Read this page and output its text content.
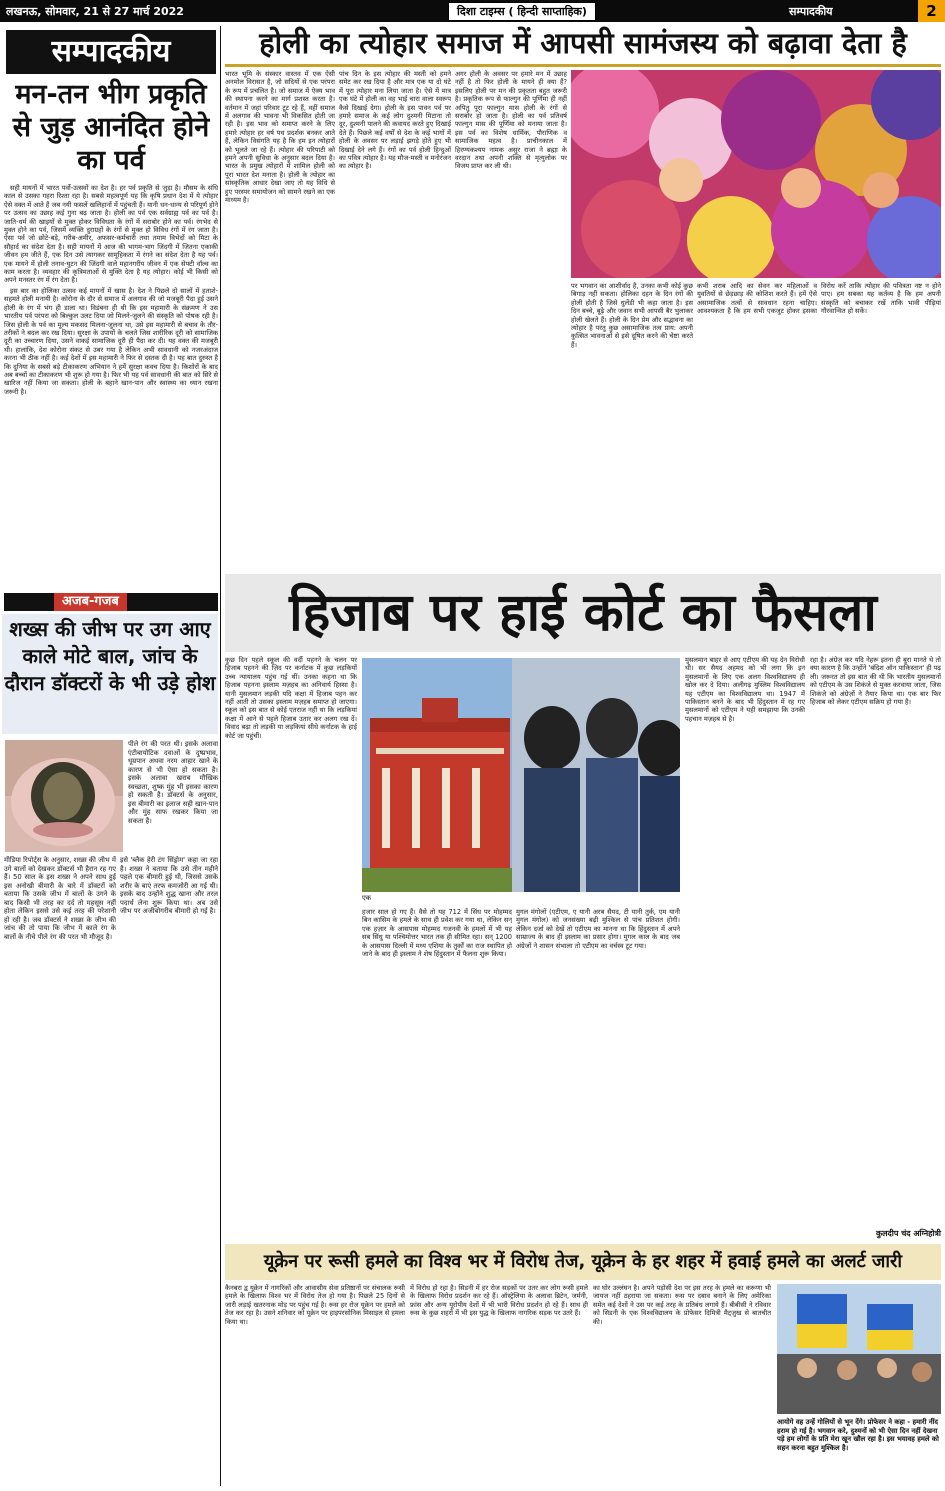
लखनऊ, सोमवार, 21 से 27 मार्च 2022	दिशा टाइम्स ( हिन्दी साप्ताहिक)	सम्पादकीय	2
सम्पादकीय
मन-तन भीग प्रकृति से जुड़ आनंदित होने का पर्व

सही मायनों में भारत पर्वो-उत्सवों का देश है। हर पर्व प्रकृति से जुड़ा है। मौसम के संधि काल से उसका गहरा रिश्ता रहा है। सबसे महत्वपूर्ण यह कि कृषि प्रधान देश में ये त्योहार ऐसे वक्त में आते हैं जब नयी फसलें खलिहानों में पहुंचती हैं। यानी धन-धान्य से परिपूर्ण होने पर उत्सव का उछाह कई गुना बढ़ जाता है। होली का पर्व एक सर्वग्राह्य पर्व का पर्व है। जाति-धर्म की खाइयों से मुक्त होकर विविधता के रंगों में सराबोर होने का पर्व। रंगभेद से मुक्त होने का पर्व, जिसमें व्यक्ति दुराग्रहों के रंगों से मुक्त हो विविध रंगों में रंग जाता है। ऐसा पर्व जो छोटे-बड़े, गरीब-अमीर, अफसर-कर्मचारी तथा तमाम विभेदों को मिटा के सौहार्द का संदेश देता है। सही मायनों में आज की भागम-भाग जिंदगी में जितना एकाकी जीवन हम जीते हैं, एक दिन उसे त्यागकर सामूहिकता में रंगने का संदेश देता है यह पर्व। एक मायने में होली तनाव-घुटन की जिंदगी वाले महानगरीय जीवन में एक सेफ्टी वॉल्व का काम करता है। व्यवहार की कृत्रिमताओं से मुक्ति देता है यह त्योहार। कोई भी किसी को अपने मनस्तर रंग में रंग देता है।

इस बार का होलिका उत्सव कई मायनों में खास है। देश ने पिछले दो सालों में हताशे-सहमते होली मनायी है। कोरोना के दौर से समाज में अलगाव की जो मजबूरी पैदा हुई उसने होली के रंग में भंग ही डाला था। विडंबना ही थी कि इस महामारी के संक्रमण ने उस भारतीय पर्व परंपरा को बिल्कुल उलट दिया जो मिलने-जुलने की संस्कृति को पोषक रही है। जिस होली के पर्व का मूल्य मकसद मिलना-जुलना था, उसे इस महामारी से बचाव के तौर-तरीकों ने बदल कर रख दिया। सुरक्षा के उपायों के चलते जिस शारीरिक दूरी को सामाजिक दूरी का उच्चारण दिया, उसने वाकई सामाजिक दूरी ही पैदा कर दी। यह वक्त की मजबूरी थी। हालांकि, देश कोरोना संकट से उबर गया है लेकिन अभी सावधानी को नजरअंदाज करना भी ठीक नहीं है। कई देशों में इस महामारी ने फिर से दस्तक दी है। यह बात दुरुस्त है कि दुनिया के सबसे बड़े टीकाकरण अभियान ने हमें सुरक्षा कवच दिया है। किशोरों के बाद अब बच्चों का टीकाकरण भी शुरू हो गया है। फिर भी यह पर्व सावधानी की बात को सिरे से खारिज नहीं किया जा सकता। होली के बहाने खान-पान और स्वास्थ्य का ध्यान रखना जरूरी है।

अजब-गजब
शख्स की जीभ पर उग आए काले मोटे बाल, जांच के दौरान डॉक्टरों के भी उड़े होश
पीले रंग की परत थी। इसके अलावा एंटीबायोटिक दवाओं के दुष्प्रभाव, धूम्रपान अथवा नरम आहार खाने के कारण से भी ऐसा हो सकता है। इसके अलावा खराब मौखिक स्वच्छता, शुष्क मुंह भी इसका कारण हो सकती है। डॉक्टर्स के अनुसार, इस बीमारी का इलाज सही खान-पान और मुंह साफ रखकर किया जा सकता है।
मीडिया रिपोर्ट्स के अनुसार, शख्स की जीभ में उगे बालों को देखकर डॉक्टर्स भी हैरान रह गए हैं। 50 साल के इस शख्स ने अपने साथ हुई इस अनोखी बीमारी के बारे में डॉक्टरों को बताया कि उसके जीभ में बालों के उगने के बाद किसी भी तरह का दर्द तो महसूस नहीं होता लेकिन इससे उसे कई तरह की परेशानी हो रही है। जब डॉक्टर्स ने शख्स के जीभ की जांच की तो पाया कि जीभ में काले रंग के बालों के नीचे पीले रंग की परत भी मौजूद है।
इसे 'ब्लैक हेरी टंग सिंड्रोम' कहा जा रहा है। शख्स ने बताया कि उसे तीन महीने पहले एक बीमारी हुई थी, जिससे उसके शरीर के बाएं तरफ कमजोरी आ गई थी। इसके बाद उन्होंने शुद्ध खाना और तरल पदार्थ लेना शुरू किया था। अब उसे जीभ पर अजीबोगरीब बीमारी हो गई है।
होली का त्योहार समाज में आपसी सामंजस्य को बढ़ावा देता है
भारत भूमि के संस्कार वास्तव में एक ऐसी अनमोल विरासत है, जो सदियों से एक परंपरा के रूप में प्रचलित है। जो समाज में ऐक्य भाव की स्थापना करने का मार्ग प्रशस्त करता है। वर्तमान में जहां परिवार टूट रहे हैं, वहीं समाज में अलगाव की भावना भी विकसित होती जा रही है। इस भाव को समाप्त करने के लिए हमारे त्योहार हर वर्ष पथ प्रदर्शक बनकर आते हैं, लेकिन विसंगति यह है कि हम इन त्योहारों को भूलते जा रहे हैं। त्योहार की परिपाटी को हमने अपनी सुविधा के अनुसार बदल दिया है। भारत के प्रमुख त्योहारों में शामिल होली को पूरा भारत देश मनाता है। होली के त्योहार का सांस्कृतिक आधार देखा जाए तो यह विधि से हुए परस्पर समायोजन को सामने रखने का एक माध्यम है।
पांच दिन के इस त्योहार की मस्ती को हमने समेट कर रख दिया है और मात्र एक या दो घंटे में पूरा त्योहार मना लिया जाता है। ऐसे में मात्र एक घंटे में होली का वह भाई चारा वाला स्वरूप कैसे दिखाई देगा। होली के इस पावन पर्व पर हमारे समाज के कई लोग दुश्मनी मिटाना तो दूर, दुश्मनी पालने की कवायद करते हुए दिखाई देते हैं। पिछले कई वर्षों से देश के कई भागों में होली के अवसर पर लड़ाई झगड़े होते हुए भी दिखाई देने लगे हैं। रंगों का पर्व होली हिन्दुओं का पवित्र त्योहार है। यह मौज-मस्ती व मनोरंजन का त्योहार है।
अगर होली के अवसर पर हमारे मन में उछाह नहीं है तो फिर होली के मायने ही क्या हैं? इसलिए होली पर मन की प्रकृतता बहुत जरूरी है। प्रकृतिक रूप से फाल्गुन की पूर्णिमा ही नहीं अपितु पूरा फाल्गुन मास होली के रंगों से सराबोर हो जाता है। होली का पर्व प्रतिवर्ष फाल्गुन मास की पूर्णिमा को मनाया जाता है। इस पर्व का विशेष धार्मिक, पौराणिक व सामाजिक महत्व है। प्राचीनकाल में हिरण्यकश्यप नामक असुर राजा ने ब्रह्मा के वरदान तथा अपनी शक्ति से मृत्युलोक पर विजय प्राप्त कर ली थी।
पर भगवान का आशीर्वाद है, उनका कभी कोई कुछ बिगाड़ नहीं सकता। होलिका दहन के दिन रंगों की होली होती है जिसे धुलेंडी भी कहा जाता है। इस दिन बच्चे, बूढ़े और जवान सभी आपसी बैर भुलाकर होली खेलते हैं। होली के दिन प्रेम और सद्भावना का त्योहार है परंतु कुछ असामाजिक तत्व प्राय: अपनी कुत्सित भावनाओं से इसे दूषित करने की चेष्टा करते हैं।
कभी शराब आदि का सेवन कर महिलाओं व युवतियों से छेड़छाड़ की कोशिश करते हैं। हमें ऐसे असामाजिक तत्वों से सावधान रहना चाहिए। आवश्यकता है कि हम सभी एकजुट होकर इसका विरोध करें ताकि त्योहार की पवित्रता नष्ट न होने पाए। हम सबका यह कर्तव्य है कि हम अपनी संस्कृति को बचाकर रखें ताकि भावी पीढ़ियां गौरवान्वित हो सकें।
हिजाब पर हाई कोर्ट का फैसला
कुछ दिन पहले स्कूल की वर्दी पहनने के चलन पर हिजाब पहनने की ज़िद पर कर्नाटक में कुछ लड़कियों उच्च न्यायालय पहुंच गई थीं। उनका कहना था कि हिजाब पहनना इस्लाम मज़हब का अनिवार्य हिस्सा है। यानी मुसलमान लड़की यदि कक्षा में हिजाब पहन कर नहीं आती तो उसका इस्लाम मज़हब समाप्त हो जाएगा। स्कूल को इस बात से कोई एतराज नहीं था कि लड़कियां कक्षा में आने से पहले हिजाब उतार कर अलग रख दें। विवाद बढ़ा तो लड़की या लड़कियां सीधे कर्नाटक के हाई कोर्ट जा पहुंचीं।
एक
हजार साल हो गए हैं। वैसे तो यह 712 में सिंध पर मोहम्मद बिन कासिम के हमले के साथ ही प्रवेश कर गया था, लेकिन सन् एक हज़ार के आसपास मोहम्मद गजनवी के हमलों में भी यह सब सिंधु या पश्चिमोत्तर भारत तक ही सीमित रहा। सन् 1200 के आसपास दिल्ली में मध्य एशिया के तुर्कों का राज स्थापित हो जाने के बाद ही इस्लाम ने शेष हिंदुस्तान में फैलना शुरू किया।
मुगल मंगोलों (एटीएम, ए यानी अरब सैयद, टी यानी तुर्क, एम यानी मुगल मंगोल) को जनसंख्या बढ़ी मुश्किल से पांच प्रतिशत होगी। लेकिन दर्जा को देखें तो एटीएम का मानना था कि हिंदुस्तान में अपने साम्राज्य के बाद ही इस्लाम का प्रसार होगा। मुगल काल के बाद जब अंग्रेजों ने शासन संभाला तो एटीएम का वर्चस्व टूट गया।
मुसलमान बाहर से आए एटीएम की यह देन विरोधी थी। सर सैयद अहमद को भी लगा कि इन मुसलमानों के लिए एक अलग विश्वविद्यालय ही खोल कर दे दिया। अलीगढ़ मुस्लिम विश्वविद्यालय यह एटीएम का विश्वविद्यालय था। 1947 में पाकिस्तान बनने के बाद भी हिंदुस्तान में रह गए मुसलमानों को एटीएम ने यही समझाया कि उनकी पहचान मज़हब से है।
रहा है। अंग्रेज़ कर यदि नेहरू इतना ही बुरा मानते थे तो क्या कारण है कि उन्होंने 'बंदिश ऑन पाकिस्तान' ही पढ़ ली। जरूरत तो इस बात की थी कि भारतीय मुसलमानों को एटीएम के उस शिकंजे से मुक्त करवाया जाता, जिस शिकंजे को अंग्रेज़ों ने तैयार किया था। एक बार फिर हिजाब को लेकर एटीएम सक्रिय हो गया है।
कुलदीप चंद अग्निहोत्री
यूक्रेन पर रूसी हमले का विश्व भर में विरोध तेज, यूक्रेन के हर शहर में हवाई हमले का अलर्ट जारी
कैनबरा द्व यूक्रेन में नागरिकों और आवासीय सेवा प्रतिष्ठानों पर संचालक रूसी हमले के खिलाफ विश्व भर में विरोध तेज हो गया है। पिछले 25 दिनों से जारी लड़ाई खतरनाक मोड़ पर पहुंच गई है। रूस हर रोज यूक्रेन पर हमले को तेज कर रहा है। उसने शनिवार को यूक्रेन पर हाइपरसोनिक मिसाइल से हमला किया था।
में विरोध हो रहा है। सिडनी में हर रोज सड़कों पर उतर कर लोग रूसी हमले के खिलाफ विरोध प्रदर्शन कर रहे हैं। ऑस्ट्रेलिया के अलावा ब्रिटेन, जर्मनी, फ्रांस और अन्य यूरोपीय देशों में भी भारी विरोध प्रदर्शन हो रहे हैं। साथ ही रूस के कुछ शहरों में भी इस युद्ध के खिलाफ नागरिक सड़क पर उतरे हैं।
का घोर उल्लंघन है। अपने पड़ोसी देश पर इस तरह के हमले का करूणा भी जायज नहीं ठहराया जा सकता। रूस पर दबाव बनाने के लिए अमेरिका समेत कई देशों ने उस पर कई तरह के प्रतिबंध लगाये हैं। बीबीसी ने रविवार को सिडनी के एक विश्वविद्यालय के प्रोफेसर दिमित्री मैट्जुख से बातचीत की।
आयोगे वह उन्हें गोलियों से भून देंगे। प्रोफेसर ने कहा - हमारी नींद हराम हो गई है। भगवान करे, दुश्मनों को भी ऐसा दिन नहीं देखना पड़े हम लोगों के प्रति मेरा खून खौल रहा है। इस भयावह हमले को सहन करना बहुत मुश्किल है।
